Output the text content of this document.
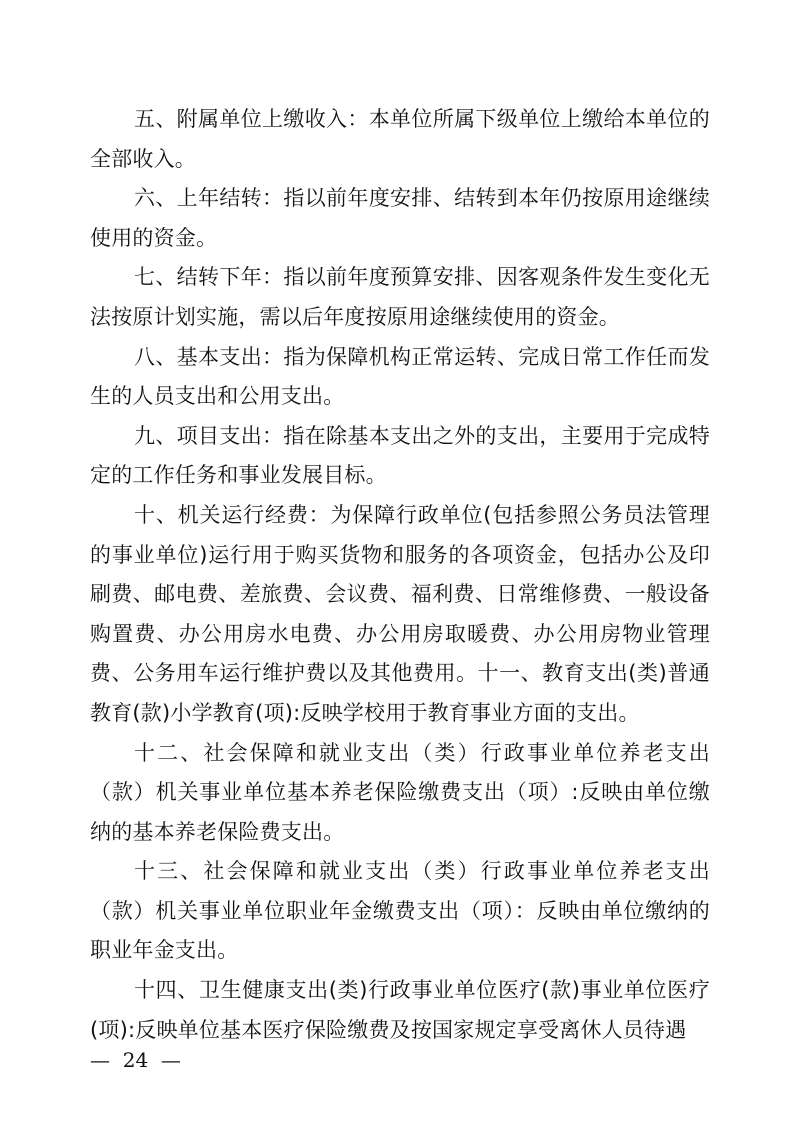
五、附属单位上缴收入：本单位所属下级单位上缴给本单位的全部收入。

六、上年结转：指以前年度安排、结转到本年仍按原用途继续使用的资金。

七、结转下年：指以前年度预算安排、因客观条件发生变化无法按原计划实施，需以后年度按原用途继续使用的资金。

八、基本支出：指为保障机构正常运转、完成日常工作任而发生的人员支出和公用支出。

九、项目支出：指在除基本支出之外的支出，主要用于完成特定的工作任务和事业发展目标。

十、机关运行经费：为保障行政单位(包括参照公务员法管理的事业单位)运行用于购买货物和服务的各项资金，包括办公及印刷费、邮电费、差旅费、会议费、福利费、日常维修费、一般设备购置费、办公用房水电费、办公用房取暖费、办公用房物业管理费、公务用车运行维护费以及其他费用。十一、教育支出(类)普通教育(款)小学教育(项):反映学校用于教育事业方面的支出。

十二、社会保障和就业支出（类）行政事业单位养老支出（款）机关事业单位基本养老保险缴费支出（项）:反映由单位缴纳的基本养老保险费支出。

十三、社会保障和就业支出（类）行政事业单位养老支出（款）机关事业单位职业年金缴费支出（项）：反映由单位缴纳的职业年金支出。

十四、卫生健康支出(类)行政事业单位医疗(款)事业单位医疗(项):反映单位基本医疗保险缴费及按国家规定享受离休人员待遇

—  24  —
